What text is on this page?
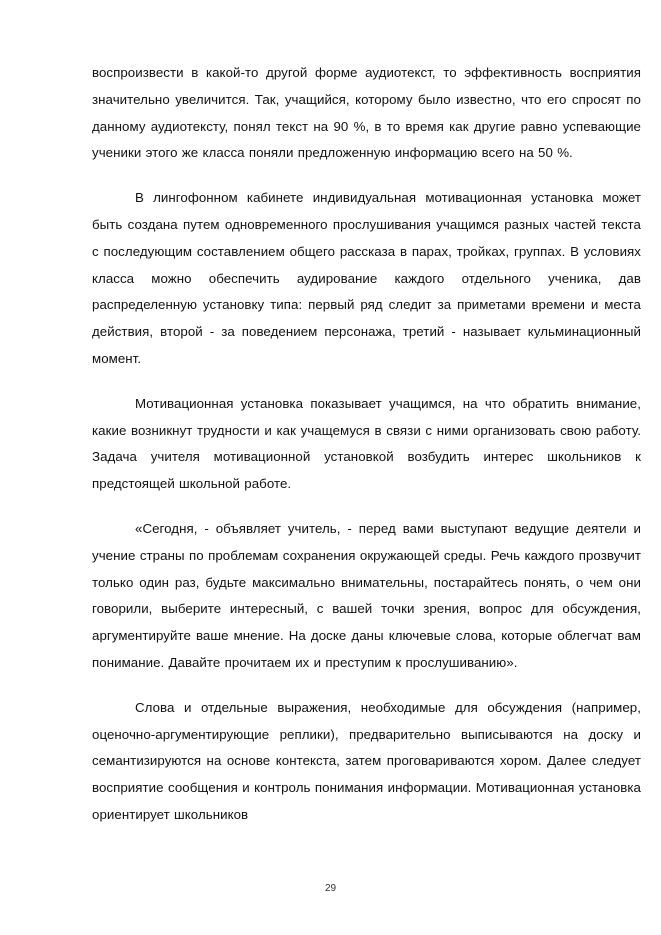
воспроизвести в какой-то другой форме аудиотекст, то эффективность восприятия значительно увеличится. Так, учащийся, которому было известно, что его спросят по данному аудиотексту, понял текст на 90 %, в то время как другие равно успевающие ученики этого же класса поняли предложенную информацию всего на 50 %.

В лингофонном кабинете индивидуальная мотивационная установка может быть создана путем одновременного прослушивания учащимся разных частей текста с последующим составлением общего рассказа в парах, тройках, группах. В условиях класса можно обеспечить аудирование каждого отдельного ученика, дав распределенную установку типа: первый ряд следит за приметами времени и места действия, второй - за поведением персонажа, третий - называет кульминационный момент.

Мотивационная установка показывает учащимся, на что обратить внимание, какие возникнут трудности и как учащемуся в связи с ними организовать свою работу. Задача учителя мотивационной установкой возбудить интерес школьников к предстоящей школьной работе.

«Сегодня, - объявляет учитель, - перед вами выступают ведущие деятели и учение страны по проблемам сохранения окружающей среды. Речь каждого прозвучит только один раз, будьте максимально внимательны, постарайтесь понять, о чем они говорили, выберите интересный, с вашей точки зрения, вопрос для обсуждения, аргументируйте ваше мнение. На доске даны ключевые слова, которые облегчат вам понимание. Давайте прочитаем их и преступим к прослушиванию».

Слова и отдельные выражения, необходимые для обсуждения (например, оценочно-аргументирующие реплики), предварительно выписываются на доску и семантизируются на основе контекста, затем проговариваются хором. Далее следует восприятие сообщения и контроль понимания информации. Мотивационная установка ориентирует школьников

29
